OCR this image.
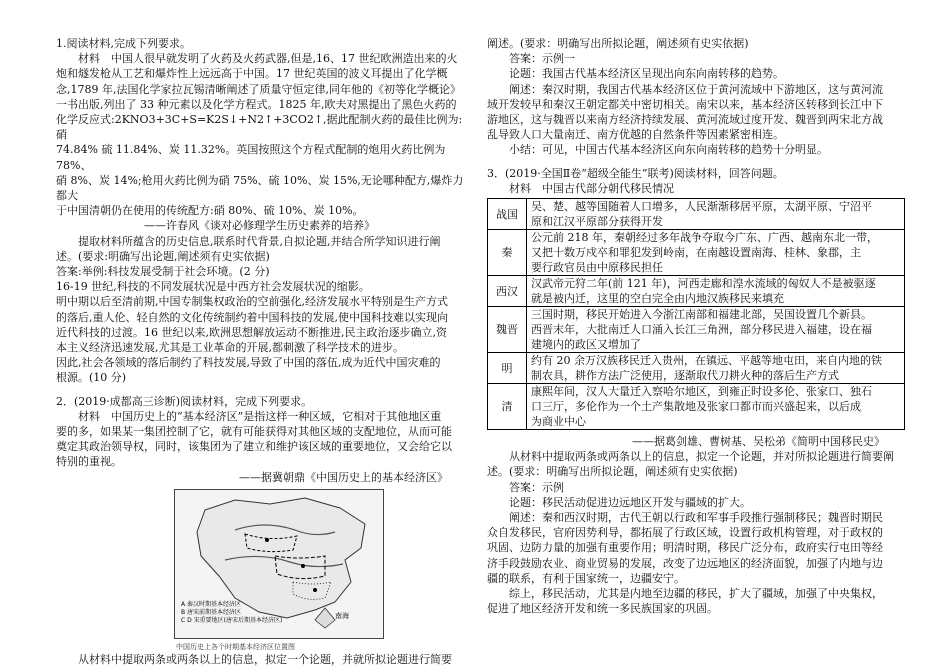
1.阅读材料,完成下列要求。

　　材料　中国人很早就发明了火药及火药武器,但是,16、17 世纪欧洲造出来的火

炮和燧发枪从工艺和爆炸性上远远高于中国。17 世纪英国的波义耳提出了化学概

念,1789 年,法国化学家拉瓦锡清晰阐述了质量守恒定律,同年他的《初等化学概论》

一书出版,列出了 33 种元素以及化学方程式。1825 年,欧夫对黑提出了黑色火药的

化学反应式:2KNO3+3C+S=K2S↓+N2↑+3CO2↑,据此配制火药的最佳比例为:硝

74.84% 硫 11.84%、炭 11.32%。英国按照这个方程式配制的炮用火药比例为 78%、

硝 8%、炭 14%;枪用火药比例为硝 75%、硫 10%、炭 15%,无论哪种配方,爆炸力都大

于中国清朝仍在使用的传统配方:硝 80%、硫 10%、炭 10%。

　　　　　　　　——许春风《谈对必修理学生历史素养的培养》

　　提取材料所蕴含的历史信息,联系时代背景,自拟论题,并结合所学知识进行阐

述。(要求:明确写出论题,阐述须有史实依据)

答案:举例:科技发展受制于社会环境。(2 分)

16-19 世纪,科技的不同发展状况是中西方社会发展状况的缩影。

明中期以后至清前期,中国专制集权政治的空前强化,经济发展水平特别是生产方式

的落后,重人伦、轻自然的文化传统制约着中国科技的发展,使中国科技难以实现向

近代科技的过渡。16 世纪以来,欧洲思想解放运动不断推进,民主政治逐步确立,资

本主义经济迅速发展,尤其是工业革命的开展,都刺激了科学技术的进步。

因此,社会各领域的落后制约了科技发展,导致了中国的落伍,成为近代中国灾难的

根源。(10 分)

2．(2019·成都高三诊断)阅读材料，完成下列要求。

　　材料　中国历史上的“基本经济区”是指这样一种区域，它相对于其他地区重

要的多，如果某一集团控制了它，就有可能获得对其他区域的支配地位，从而可能

奠定其政治领导权，同时，该集团为了建立和维护该区域的重要地位，又会给它以

特别的重视。

——据冀朝鼎《中国历史上的基本经济区》

A 秦汉时期基本经济区
B 唐宋前期基本经济区
C D 宋重要地区(唐宋后期基本经济区)
南海

中国历史上各个时期基本经济区位置图

　　从材料中提取两条或两条以上的信息，拟定一个论题，并就所拟论题进行简要

阐述。(要求：明确写出所拟论题，阐述须有史实依据)

　　答案：示例一

　　论题：我国古代基本经济区呈现出向东向南转移的趋势。

　　阐述：秦汉时期，我国古代基本经济区位于黄河流域中下游地区，这与黄河流

域开发较早和秦汉王朝定都关中密切相关。南宋以来，基本经济区转移到长江中下

游地区，这与魏晋以来南方经济持续发展、黄河流域过度开发、魏晋到两宋北方战

乱导致人口大量南迁、南方优越的自然条件等因素紧密相连。

　　小结：可见，中国古代基本经济区向东向南转移的趋势十分明显。

3．(2019·全国Ⅱ卷“超级全能生”联考)阅读材料，回答问题。

　　材料　中国古代部分朝代移民情况

战国	吴、楚、越等国随着人口增多，人民渐渐移居平原，太湖平原、宁沼平
原和江汉平原部分获得开发

秦	公元前 218 年，秦朝经过多年战争夺取今广东、广西、越南东北一带，
又把十数万戍卒和罪犯发到岭南，在南越设置南海、桂林、象郡，主
要行政官员由中原移民担任

西汉	汉武帝元狩二年(前 121 年)，河西走廊和湟水流域的匈奴人不是被驱逐
就是被内迁，这里的空白完全由内地汉族移民来填充

魏晋	三国时期，移民开始进入今浙江南部和福建北部，吴国设置几个新县。
西晋末年，大批南迁人口涌入长江三角洲，部分移民进入福建，设在福
建境内的政区又增加了

明	约有 20 余万汉族移民迁入贵州，在镇远、平越等地屯田，来自内地的铁
制农具，耕作方法广泛使用，逐渐取代刀耕火种的落后生产方式

清	康熙年间，汉人大量迁入察哈尔地区，到雍正时设多伦、张家口、独石
口三厅，多伦作为一个土产集散地及张家口都市而兴盛起来，以后成
为商业中心

——据葛剑雄、曹树基、吴松弟《简明中国移民史》

　　从材料中提取两条或两条以上的信息，拟定一个论题，并对所拟论题进行简要阐

述。(要求：明确写出所拟论题，阐述须有史实依据)

　　答案：示例

　　论题：移民活动促进边远地区开发与疆域的扩大。

　　阐述：秦和西汉时期，古代王朝以行政和军事手段推行强制移民；魏晋时期民

众自发移民，官府因势利导，都拓展了行政区域，设置行政机构管理，对于政权的

巩固、边防力量的加强有重要作用；明清时期，移民广泛分布，政府实行屯田等经

济手段鼓励农业、商业贸易的发展，改变了边远地区的经济面貌，加强了内地与边

疆的联系，有利于国家统一，边疆安宁。

　　综上，移民活动，尤其是内地至边疆的移民，扩大了疆域，加强了中央集权，

促进了地区经济开发和统一多民族国家的巩固。
